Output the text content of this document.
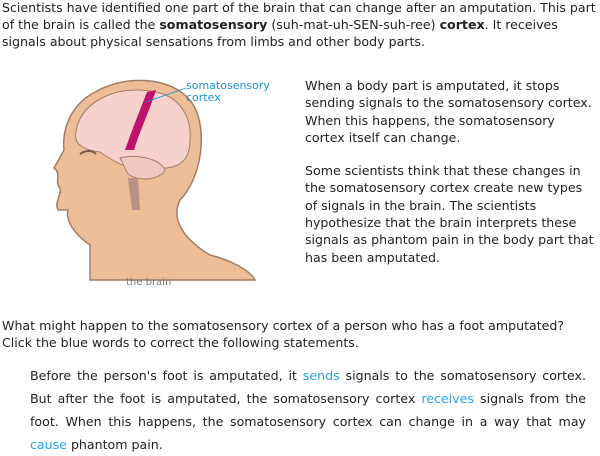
Scientists have identified one part of the brain that can change after an amputation. This part of the brain is called the somatosensory (suh-mat-uh-SEN-suh-ree) cortex. It receives signals about physical sensations from limbs and other body parts.

somatosensory
cortex
the brain

When a body part is amputated, it stops sending signals to the somatosensory cortex. When this happens, the somatosensory cortex itself can change.

Some scientists think that these changes in the somatosensory cortex create new types of signals in the brain. The scientists hypothesize that the brain interprets these signals as phantom pain in the body part that has been amputated.

What might happen to the somatosensory cortex of a person who has a foot amputated?

Click the blue words to correct the following statements.

Before the person's foot is amputated, it sends signals to the somatosensory cortex. But after the foot is amputated, the somatosensory cortex receives signals from the foot. When this happens, the somatosensory cortex can change in a way that may cause phantom pain.
